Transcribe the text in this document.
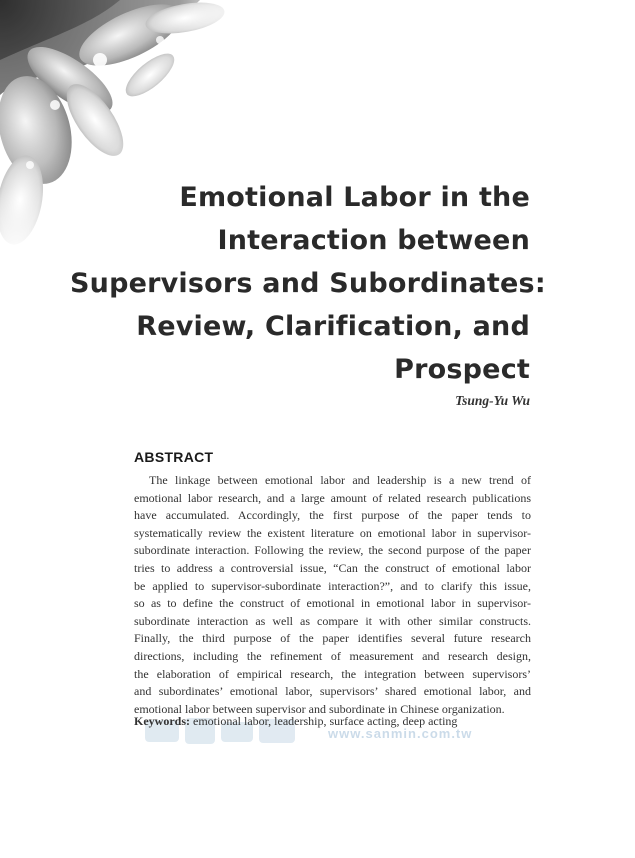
Emotional Labor in the
Interaction between
Supervisors and Subordinates:
Review, Clarification, and
Prospect
Tsung-Yu Wu
ABSTRACT
The linkage between emotional labor and leadership is a new trend of
emotional labor research, and a large amount of related research publications
have accumulated. Accordingly, the first purpose of the paper tends to
systematically review the existent literature on emotional labor in supervisor-
subordinate interaction. Following the review, the second purpose of the paper
tries to address a controversial issue, “Can the construct of emotional labor
be applied to supervisor-subordinate interaction?”, and to clarify this issue,
so as to define the construct of emotional in emotional labor in supervisor-
subordinate interaction as well as compare it with other similar constructs.
Finally, the third purpose of the paper identifies several future research
directions, including the refinement of measurement and research design,
the elaboration of empirical research, the integration between supervisors’
and subordinates’ emotional labor, supervisors’ shared emotional labor, and
emotional labor between supervisor and subordinate in Chinese organization.
www.sanmin.com.tw
Keywords: emotional labor, leadership, surface acting, deep acting
